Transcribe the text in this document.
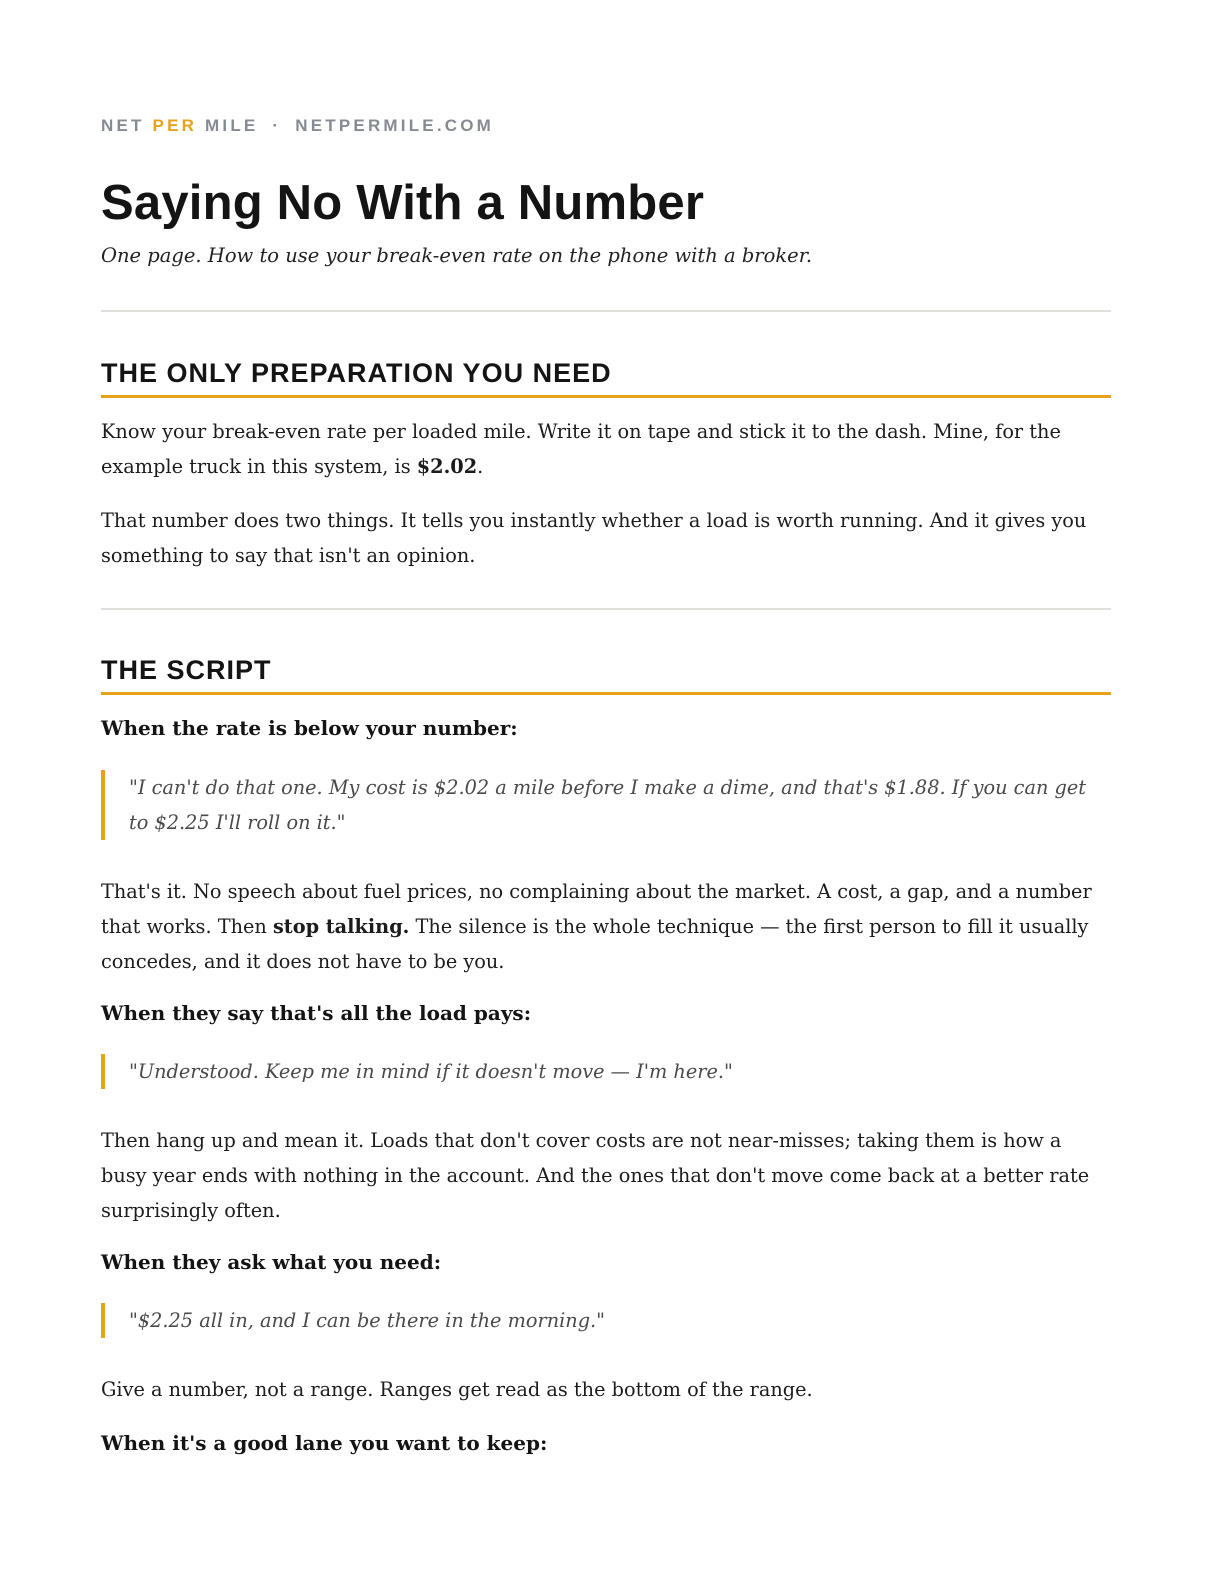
NET PER MILE · NETPERMILE.COM
Saying No With a Number
One page. How to use your break-even rate on the phone with a broker.
THE ONLY PREPARATION YOU NEED

Know your break-even rate per loaded mile. Write it on tape and stick it to the dash. Mine, for the example truck in this system, is $2.02.

That number does two things. It tells you instantly whether a load is worth running. And it gives you something to say that isn't an opinion.

THE SCRIPT
When the rate is below your number:
"I can't do that one. My cost is $2.02 a mile before I make a dime, and that's $1.88. If you can get to $2.25 I'll roll on it."

That's it. No speech about fuel prices, no complaining about the market. A cost, a gap, and a number that works. Then stop talking. The silence is the whole technique — the first person to fill it usually concedes, and it does not have to be you.

When they say that's all the load pays:
"Understood. Keep me in mind if it doesn't move — I'm here."

Then hang up and mean it. Loads that don't cover costs are not near-misses; taking them is how a busy year ends with nothing in the account. And the ones that don't move come back at a better rate surprisingly often.

When they ask what you need:
"$2.25 all in, and I can be there in the morning."

Give a number, not a range. Ranges get read as the bottom of the range.

When it's a good lane you want to keep:
